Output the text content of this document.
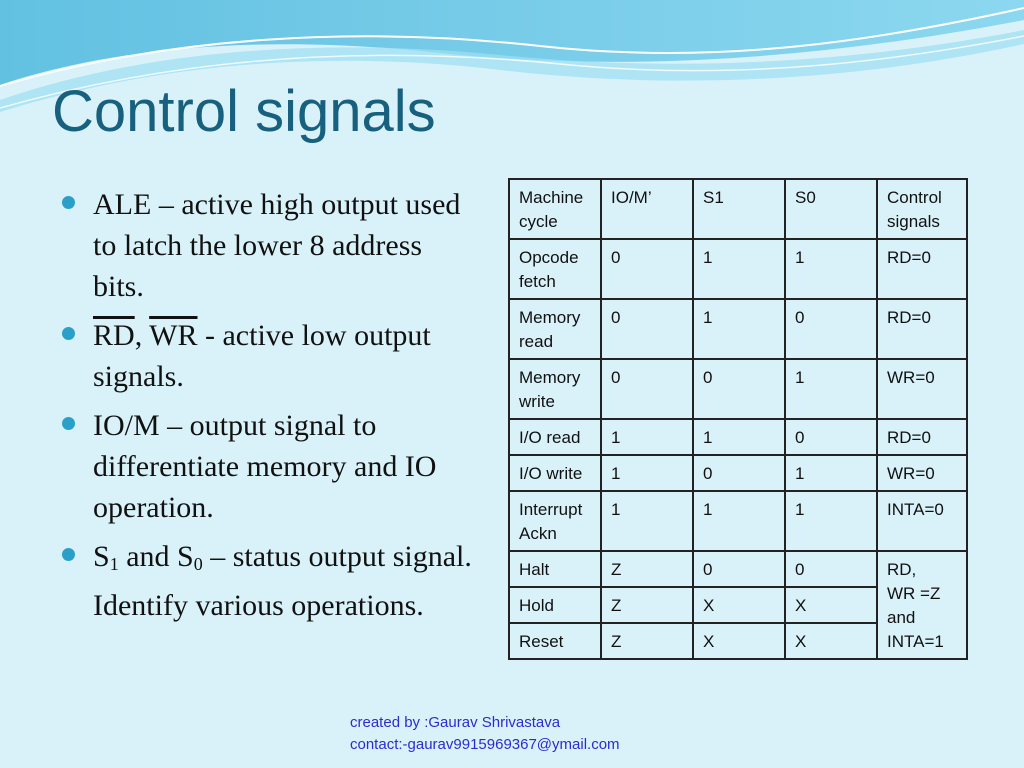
Control signals
ALE – active high output used to latch the lower 8 address bits.
$\overline{RD}$, $\overline{WR}$ - active low output signals.
IO/M – output signal to differentiate memory and IO operation.
$S_1$ and $S_0$ – status output signal. Identify various operations.
Machine cycle	IO/M’	S1	S0	Control signals
Opcode fetch	0	1	1	RD=0
Memory read	0	1	0	RD=0
Memory write	0	0	1	WR=0
I/O read	1	1	0	RD=0
I/O write	1	0	1	WR=0
Interrupt Ackn	1	1	1	INTA=0
Halt	Z	0	0	RD,
WR =Z
and
INTA=1
Hold	Z	X	X	
Reset	Z	X	X	
created by :Gaurav Shrivastava
contact:-gaurav9915969367@ymail.com
